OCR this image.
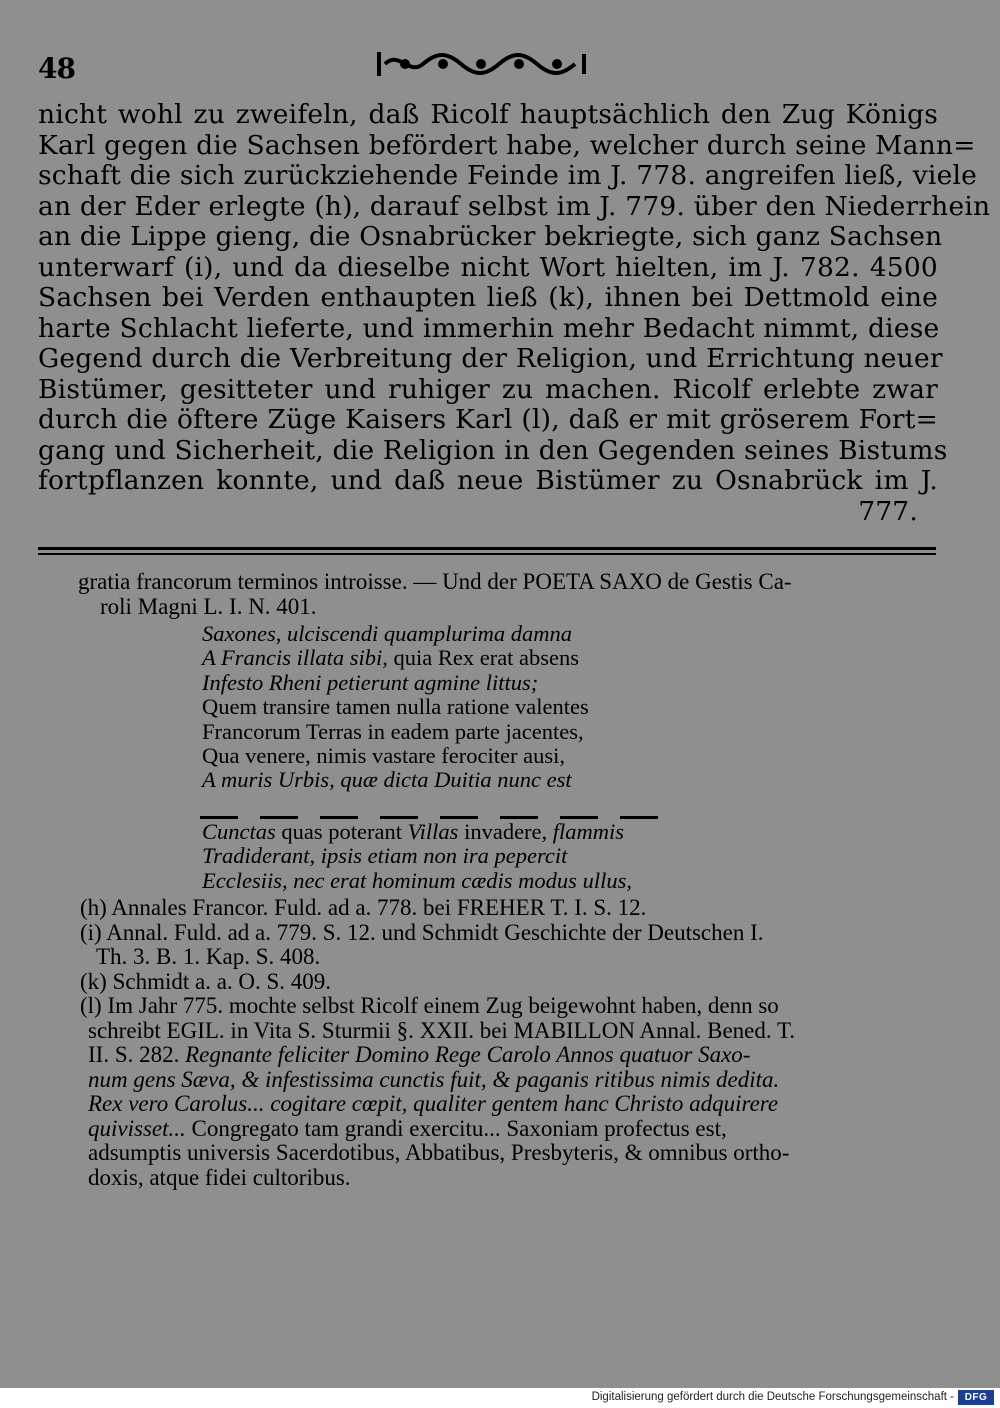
48
nicht wohl zu zweifeln, daß Ricolf hauptsächlich den Zug Königs
Karl gegen die Sachsen befördert habe, welcher durch seine Mann=
schaft die sich zurückziehende Feinde im J. 778. angreifen ließ, viele
an der Eder erlegte (h), darauf selbst im J. 779. über den Niederrhein
an die Lippe gieng, die Osnabrücker bekriegte, sich ganz Sachsen
unterwarf (i), und da dieselbe nicht Wort hielten, im J. 782. 4500
Sachsen bei Verden enthaupten ließ (k), ihnen bei Dettmold eine
harte Schlacht lieferte, und immerhin mehr Bedacht nimmt, diese
Gegend durch die Verbreitung der Religion, und Errichtung neuer
Bistümer, gesitteter und ruhiger zu machen. Ricolf erlebte zwar
durch die öftere Züge Kaisers Karl (l), daß er mit gröserem Fort=
gang und Sicherheit, die Religion in den Gegenden seines Bistums
fortpflanzen konnte, und daß neue Bistümer zu Osnabrück im J.
777.
gratia francorum terminos introisse. — Und der POETA SAXO de Gestis Ca-
roli Magni L. I. N. 401.
Saxones, ulciscendi quamplurima damna
A Francis illata sibi, quia Rex erat absens
Infesto Rheni petierunt agmine littus;
Quem transire tamen nulla ratione valentes
Francorum Terras in eadem parte jacentes,
Qua venere, nimis vastare ferociter ausi,
A muris Urbis, quæ dicta Duitia nunc est
Cunctas quas poterant Villas invadere, flammis
Tradiderant, ipsis etiam non ira pepercit
Ecclesiis, nec erat hominum cædis modus ullus,
(h) Annales Francor. Fuld. ad a. 778. bei FREHER T. I. S. 12.
(i) Annal. Fuld. ad a. 779. S. 12. und Schmidt Geschichte der Deutschen I.
Th. 3. B. 1. Kap. S. 408.
(k) Schmidt a. a. O. S. 409.
(l) Im Jahr 775. mochte selbst Ricolf einem Zug beigewohnt haben, denn so
schreibt EGIL. in Vita S. Sturmii §. XXII. bei MABILLON Annal. Bened. T.
II. S. 282. Regnante feliciter Domino Rege Carolo Annos quatuor Saxo-
num gens Sæva, & infestissima cunctis fuit, & paganis ritibus nimis dedita.
Rex vero Carolus... cogitare cœpit, qualiter gentem hanc Christo adquirere
quivisset... Congregato tam grandi exercitu... Saxoniam profectus est,
adsumptis universis Sacerdotibus, Abbatibus, Presbyteris, & omnibus ortho-
doxis, atque fidei cultoribus.
Digitalisierung gefördert durch die Deutsche Forschungsgemeinschaft -	DFG
